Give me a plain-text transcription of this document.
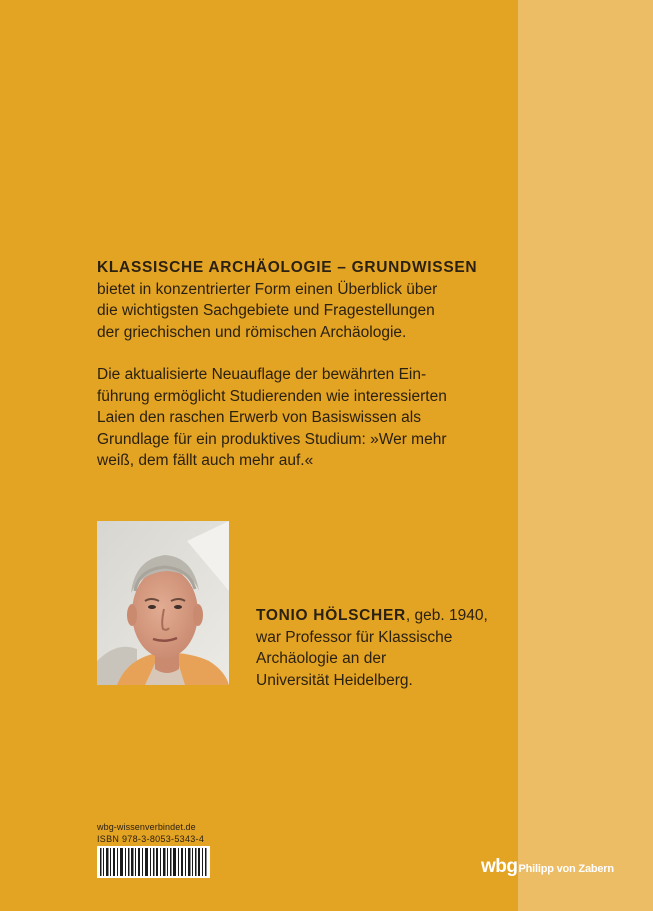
KLASSISCHE ARCHÄOLOGIE – GRUNDWISSEN
bietet in konzentrierter Form einen Überblick über
die wichtigsten Sachgebiete und Fragestellungen
der griechischen und römischen Archäologie.

Die aktualisierte Neuauflage der bewährten Ein-
führung ermöglicht Studierenden wie interessierten
Laien den raschen Erwerb von Basiswissen als
Grundlage für ein produktives Studium: »Wer mehr
weiß, dem fällt auch mehr auf.«

TONIO HÖLSCHER, geb. 1940,
war Professor für Klassische
Archäologie an der
Universität Heidelberg.
wbg-wissenverbindet.de
ISBN 978-3-8053-5343-4
wbgPhilipp von Zabern
